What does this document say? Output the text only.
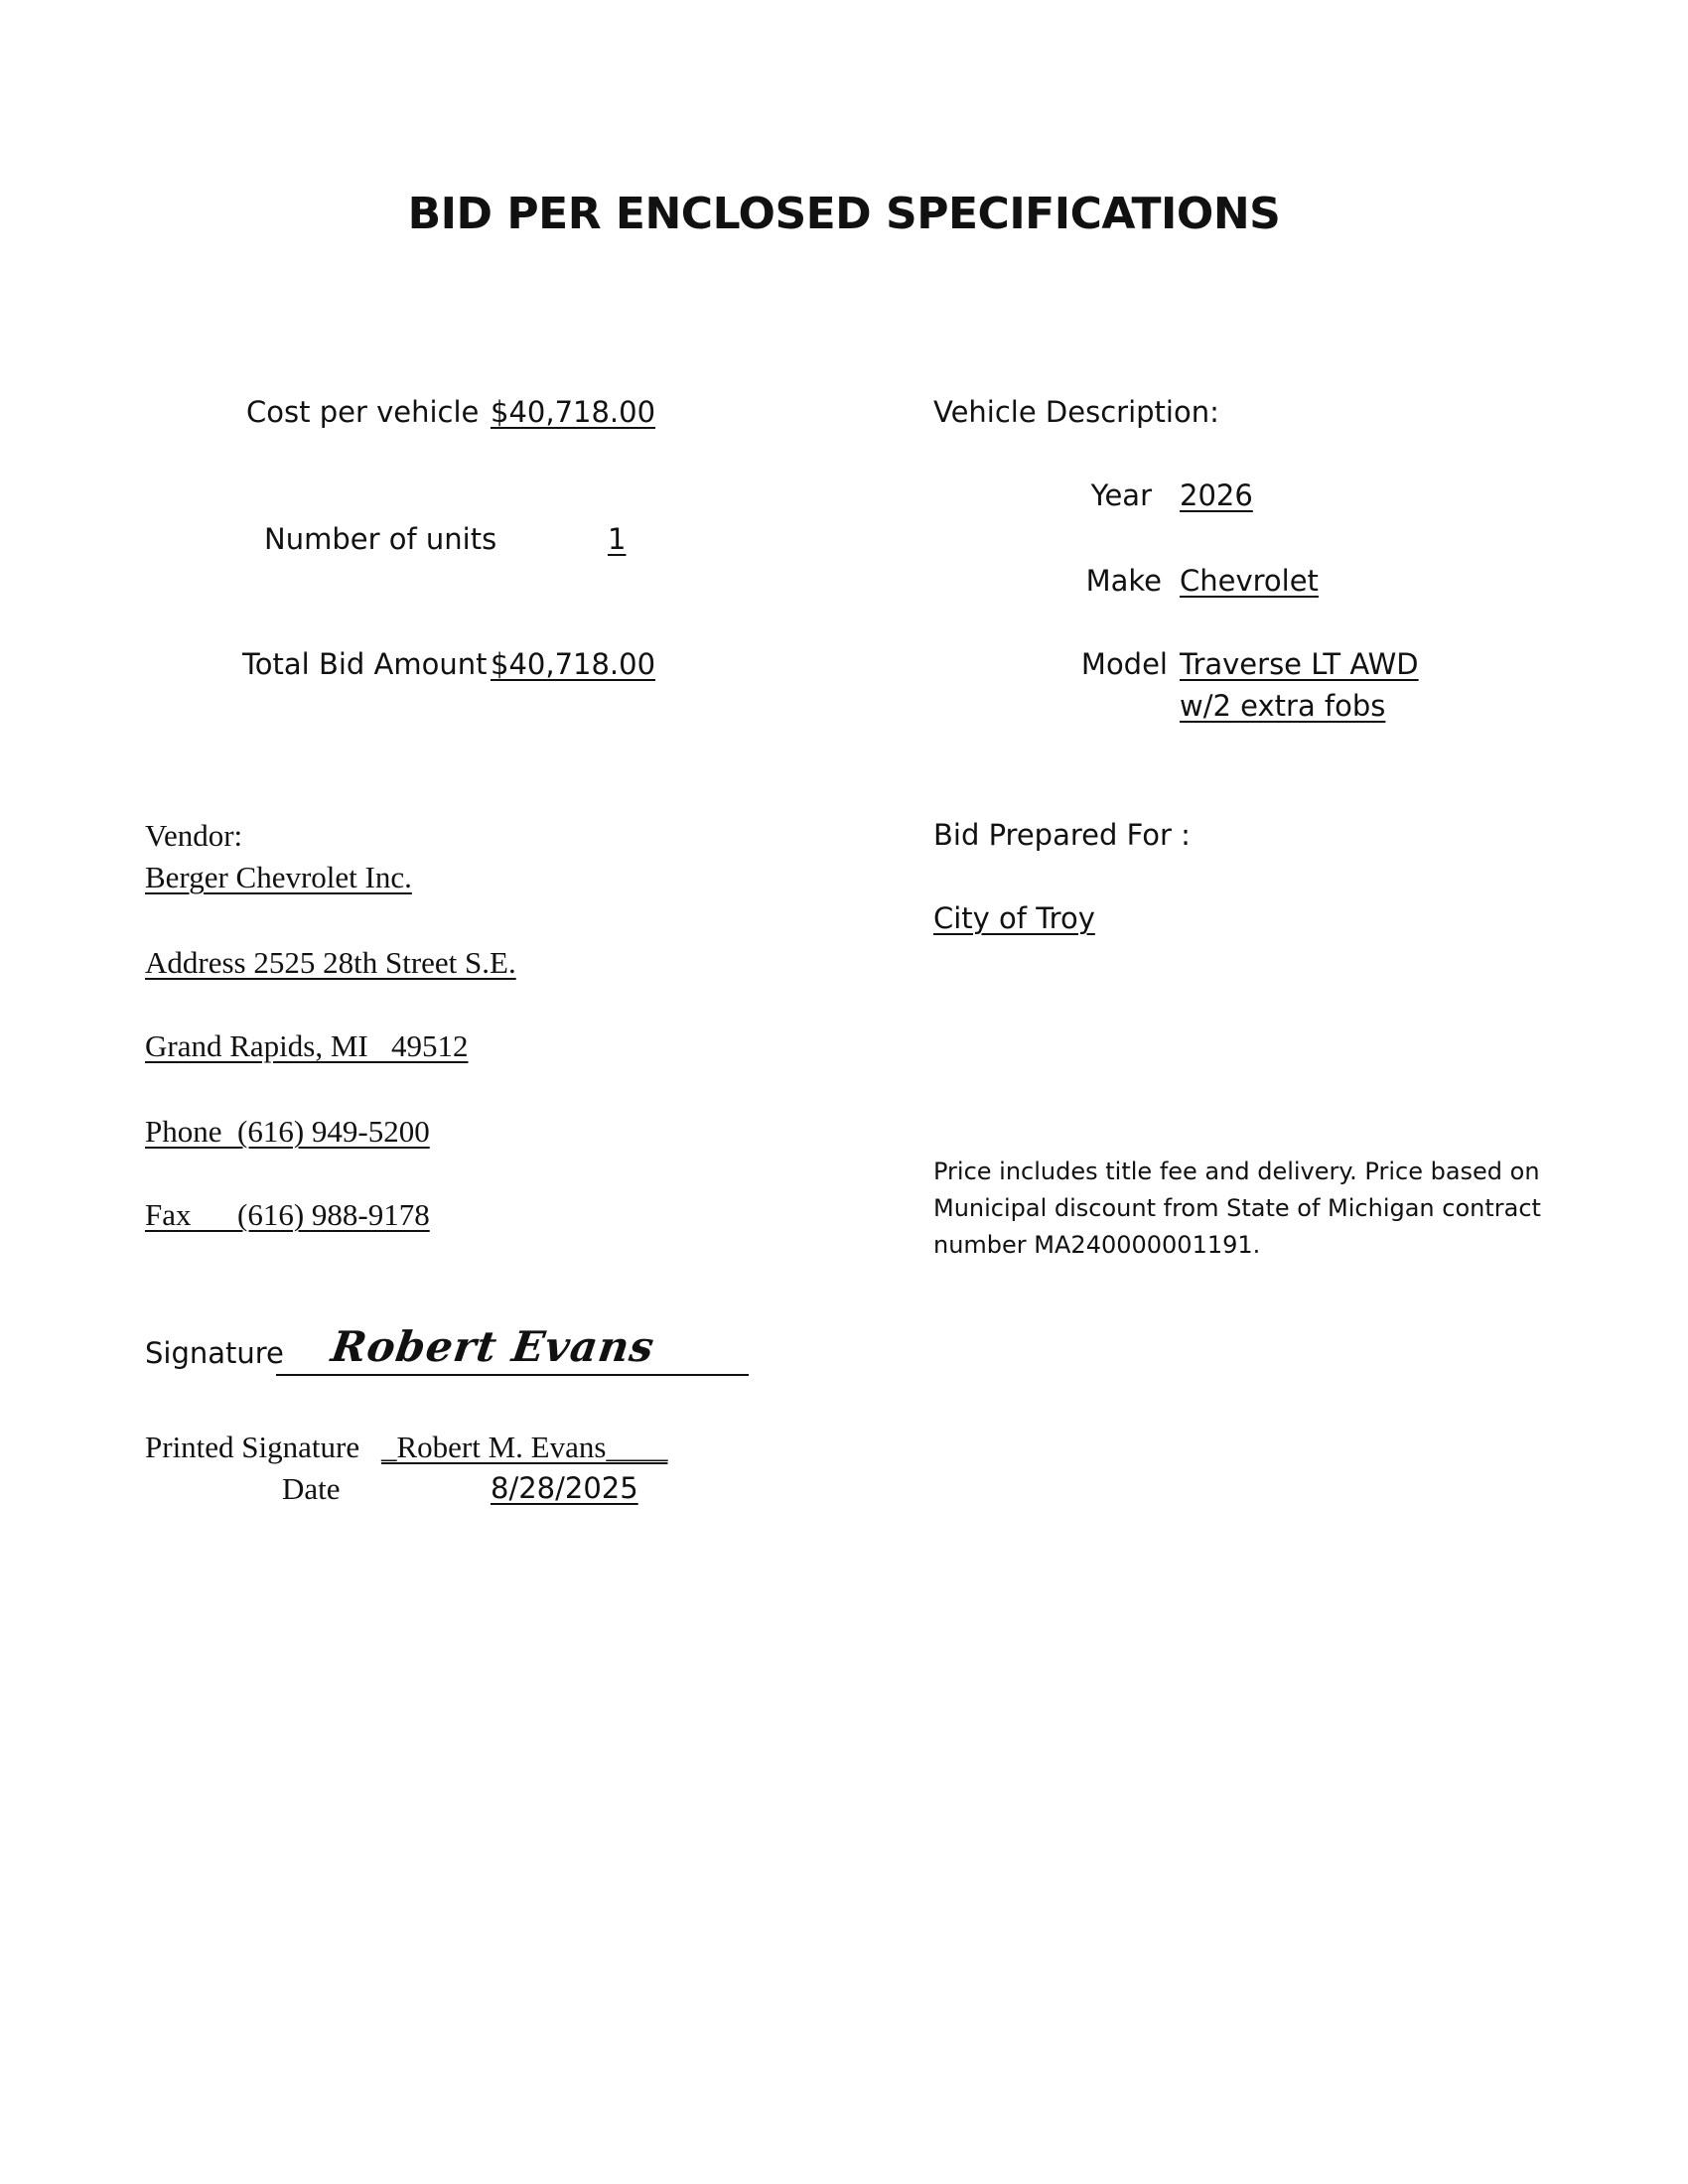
BID PER ENCLOSED SPECIFICATIONS
Cost per vehicle $40,718.00
Number of units	1
Total Bid Amount $40,718.00
Vehicle Description:
Year 2026
Make Chevrolet
Model Traverse LT AWD
w/2 extra fobs
Vendor:
Berger Chevrolet Inc.
Address 2525 28th Street S.E.
Grand Rapids, MI   49512
Phone  (616) 949-5200
Fax      (616) 988-9178
Bid Prepared For :
City of Troy
Price includes title fee and delivery. Price based on Municipal discount from State of Michigan contract number MA240000001191.
Signature Robert Evans
Printed Signature _Robert M. Evans____
Date	8/28/2025
